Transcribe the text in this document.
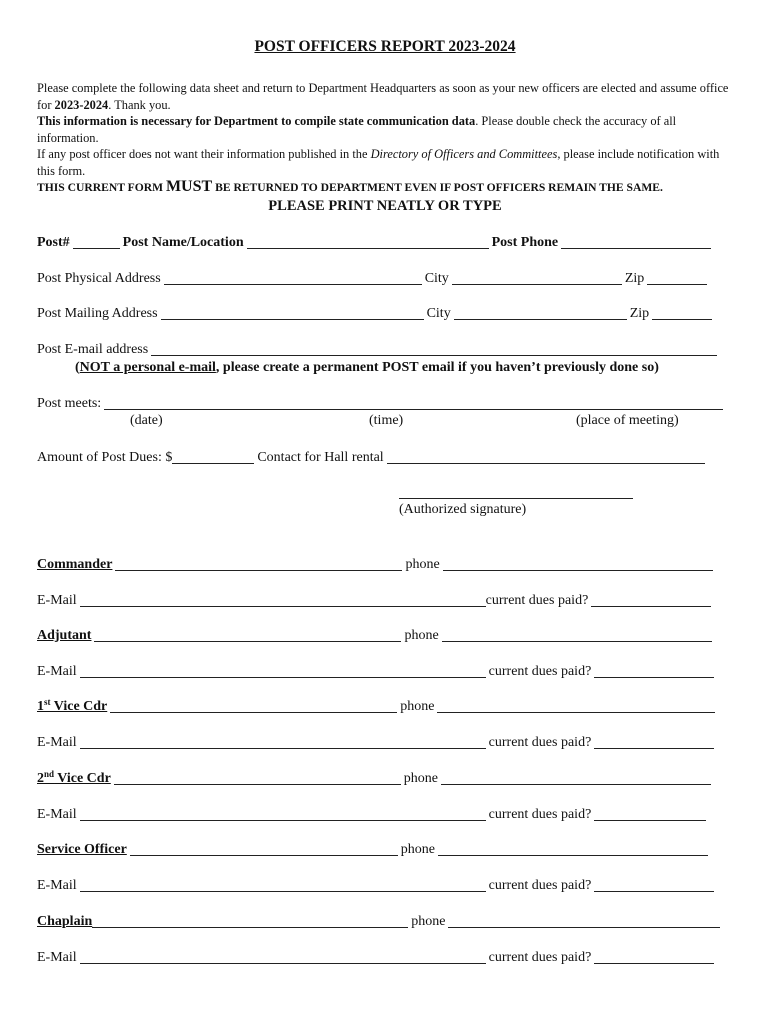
POST OFFICERS REPORT 2023-2024

Please complete the following data sheet and return to Department Headquarters as soon as your new officers are elected and assume office for 2023-2024. Thank you.

This information is necessary for Department to compile state communication data. Please double check the accuracy of all information.

If any post officer does not want their information published in the Directory of Officers and Committees, please include notification with this form.

THIS CURRENT FORM MUST BE RETURNED TO DEPARTMENT EVEN IF POST OFFICERS REMAIN THE SAME.
PLEASE PRINT NEATLY OR TYPE
Post#	Post Name/Location	Post Phone
Post Physical Address	City	Zip
Post Mailing Address	City	Zip
Post E-mail address
(NOT a personal e-mail, please create a permanent POST email if you haven’t previously done so)
Post meets:
(date)	(time)	(place of meeting)
Amount of Post Dues: $	Contact for Hall rental
(Authorized signature)
Commander	phone
E-Mail	current dues paid?
Adjutant	phone
E-Mail	current dues paid?
1st Vice Cdr	phone
E-Mail	current dues paid?
2nd Vice Cdr	phone
E-Mail	current dues paid?
Service Officer	phone
E-Mail	current dues paid?
Chaplain	phone
E-Mail	current dues paid?
